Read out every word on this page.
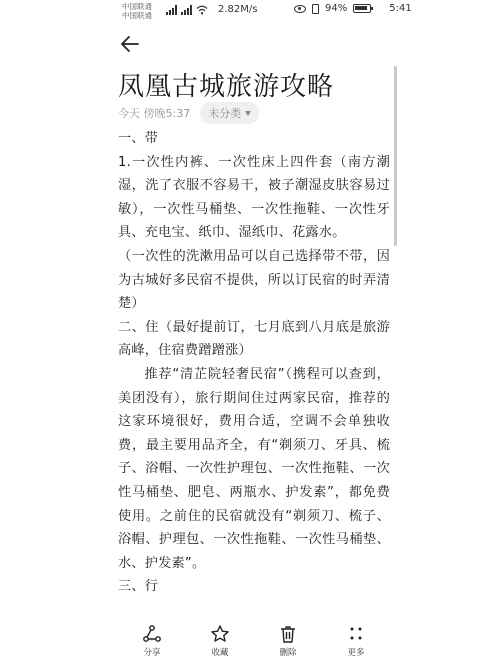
中国联通
中国联通
2.82M/s	94%	5:41
凤凰古城旅游攻略
今天 傍晚5:37 未分类

一、带

1.一次性内裤、一次性床上四件套（南方潮湿，洗了衣服不容易干，被子潮湿皮肤容易过敏），一次性马桶垫、一次性拖鞋、一次性牙具、充电宝、纸巾、湿纸巾、花露水。

（一次性的洗漱用品可以自己选择带不带，因为古城好多民宿不提供，所以订民宿的时弄清楚）

二、住（最好提前订，七月底到八月底是旅游高峰，住宿费蹭蹭涨）

推荐“清芷院轻奢民宿”（携程可以查到，美团没有），旅行期间住过两家民宿，推荐的这家环境很好，费用合适，空调不会单独收费，最主要用品齐全，有“剃须刀、牙具、梳子、浴帽、一次性护理包、一次性拖鞋、一次性马桶垫、肥皂、两瓶水、护发素”，都免费使用。之前住的民宿就没有“剃须刀、梳子、浴帽、护理包、一次性拖鞋、一次性马桶垫、水、护发素”。

三、行

分享	收藏	删除	更多
